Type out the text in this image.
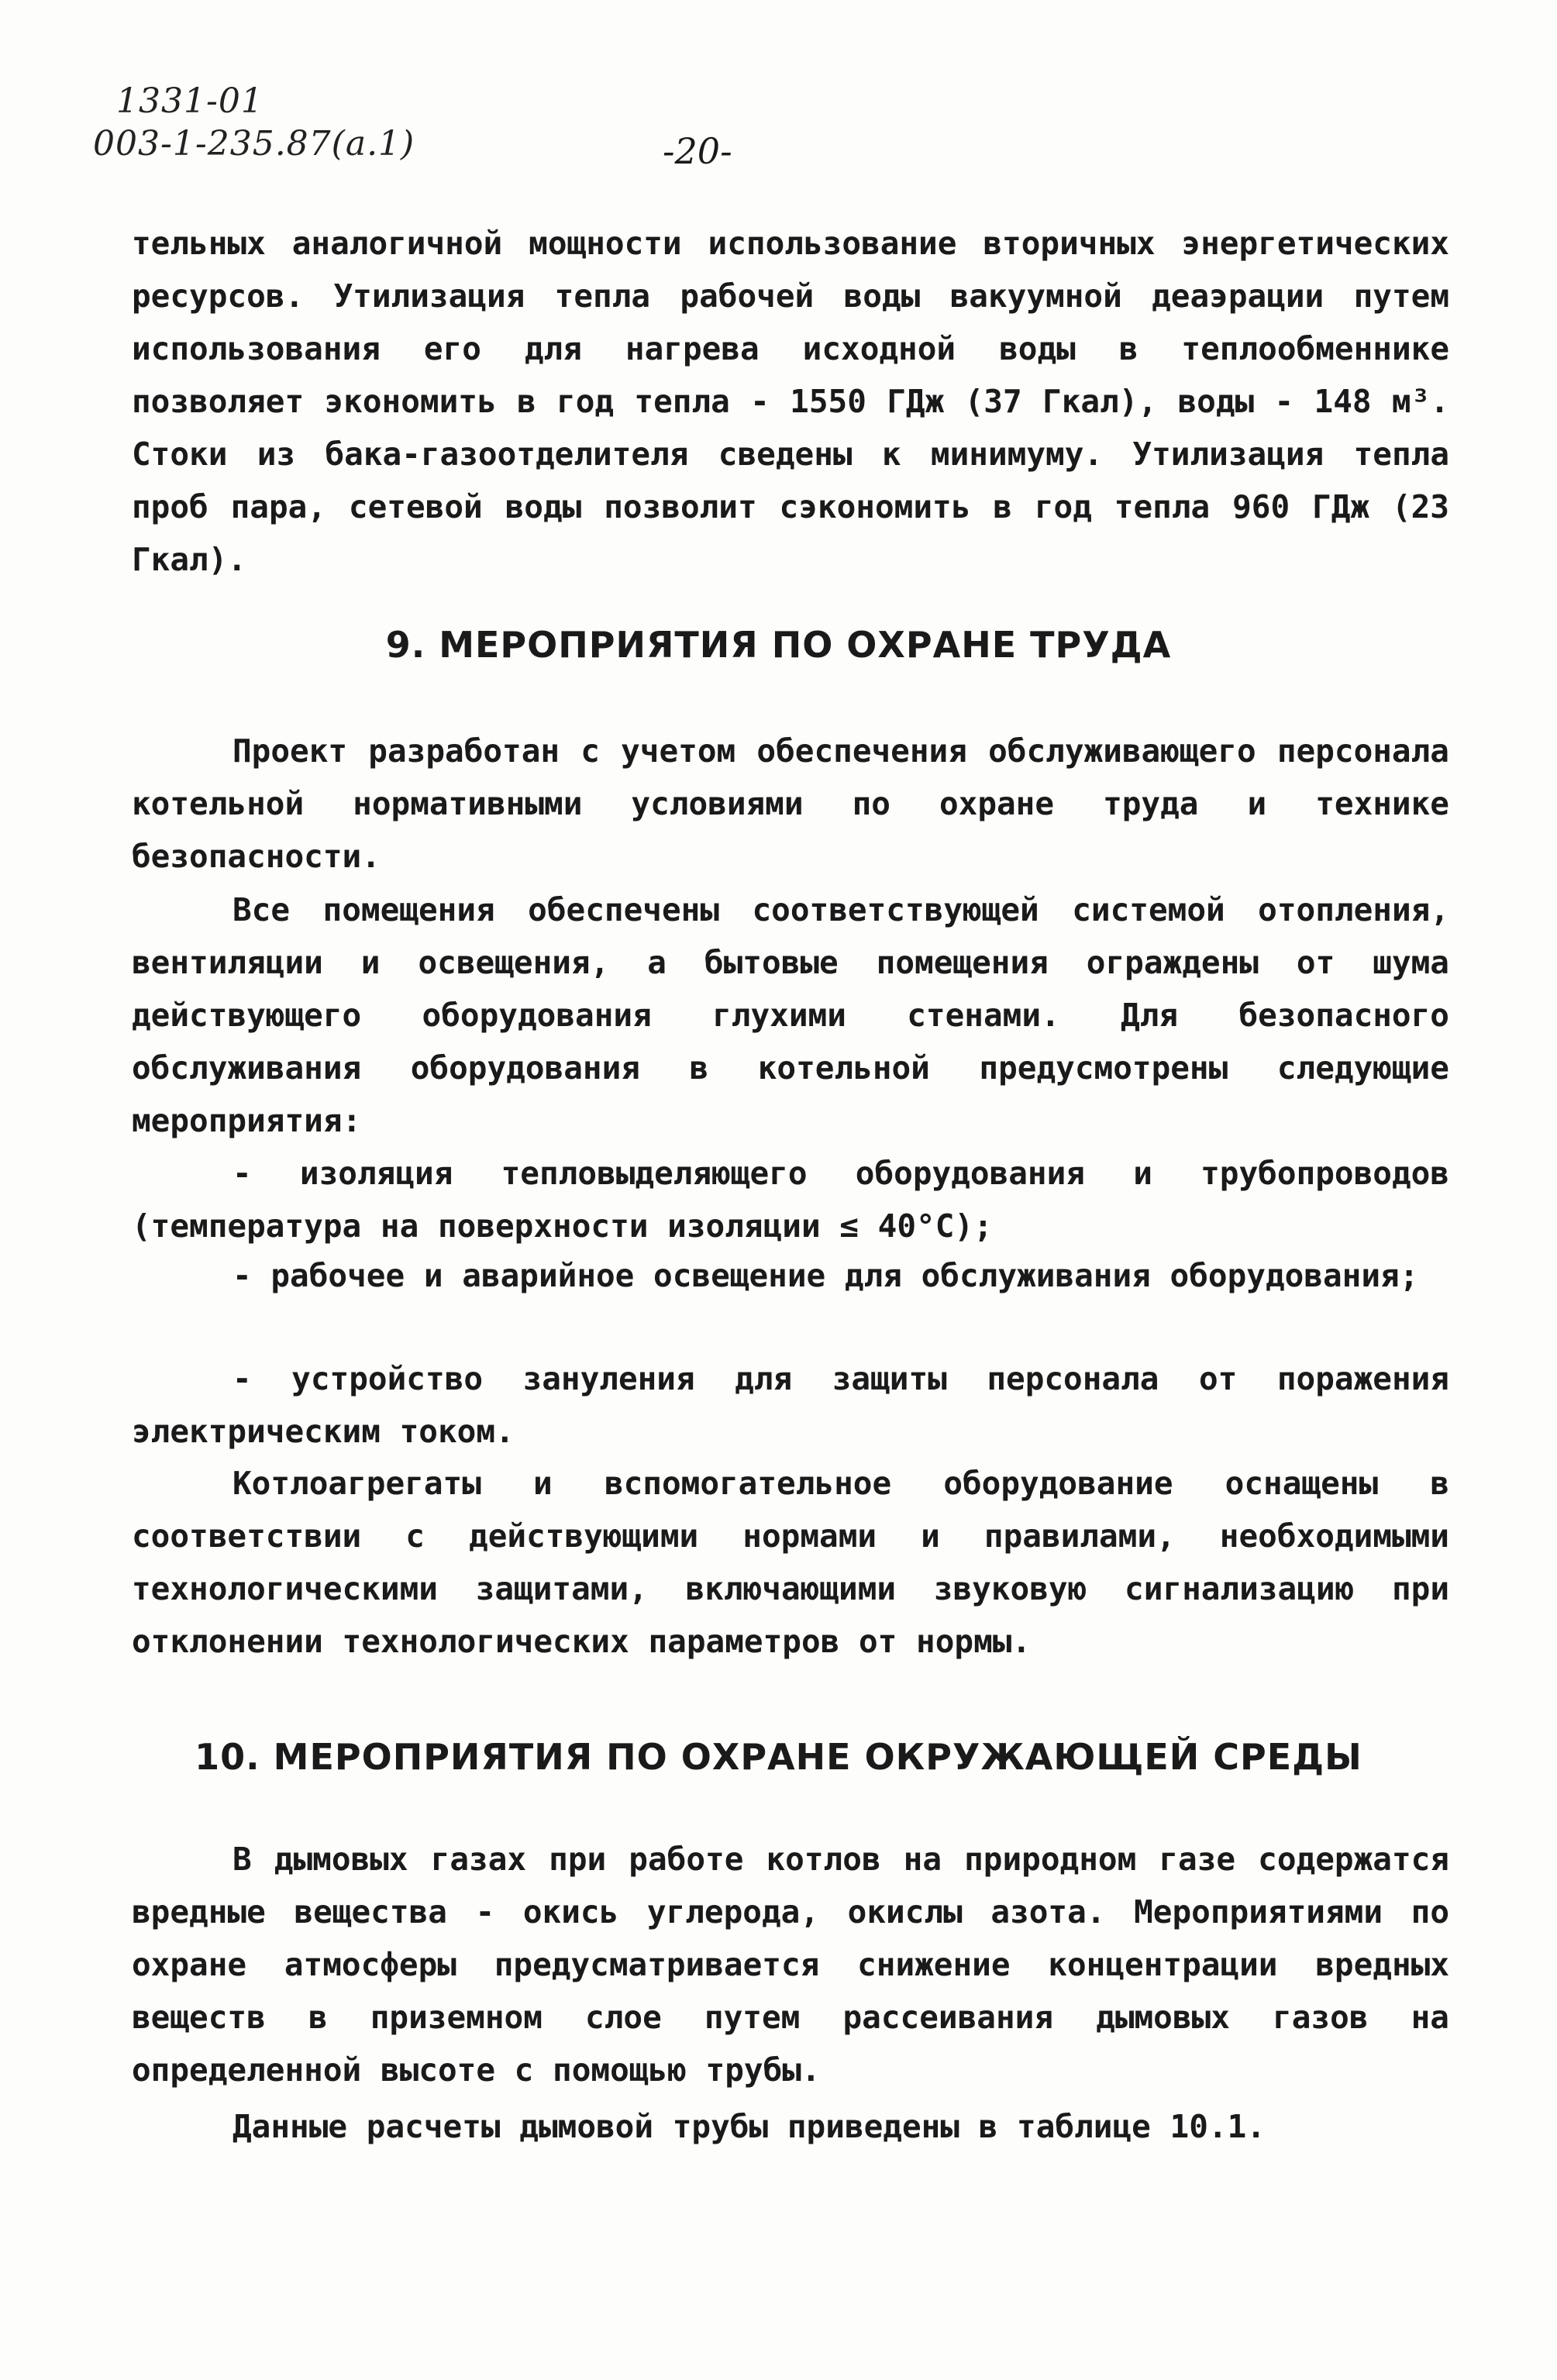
1331-01
003-1-235.87(а.1)	-20-

тельных аналогичной мощности использование вторичных энергетических ресурсов. Утилизация тепла рабочей воды вакуумной деаэрации путем использования его для нагрева исходной воды в теплообменнике позволяет экономить в год тепла - 1550 ГДж (37 Гкал), воды - 148 м³. Стоки из бака-газоотделителя сведены к минимуму. Утилизация тепла проб пара, сетевой воды позволит сэкономить в год тепла 960 ГДж (23 Гкал).

9. МЕРОПРИЯТИЯ ПО ОХРАНЕ ТРУДА

Проект разработан с учетом обеспечения обслуживающего персонала котельной нормативными условиями по охране труда и технике безопасности.

Все помещения обеспечены соответствующей системой отопления, вентиляции и освещения, а бытовые помещения ограждены от шума действующего оборудования глухими стенами. Для безопасного обслуживания оборудования в котельной предусмотрены следующие мероприятия:

- изоляция тепловыделяющего оборудования и трубопроводов (температура на поверхности изоляции ≤ 40°С);

- рабочее и аварийное освещение для обслуживания оборудования;

- устройство зануления для защиты персонала от поражения электрическим током.

Котлоагрегаты и вспомогательное оборудование оснащены в соответствии с действующими нормами и правилами, необходимыми технологическими защитами, включающими звуковую сигнализацию при отклонении технологических параметров от нормы.

10. МЕРОПРИЯТИЯ ПО ОХРАНЕ ОКРУЖАЮЩЕЙ СРЕДЫ

В дымовых газах при работе котлов на природном газе содержатся вредные вещества - окись углерода, окислы азота. Мероприятиями по охране атмосферы предусматривается снижение концентрации вредных веществ в приземном слое путем рассеивания дымовых газов на определенной высоте с помощью трубы.

Данные расчеты дымовой трубы приведены в таблице 10.1.
